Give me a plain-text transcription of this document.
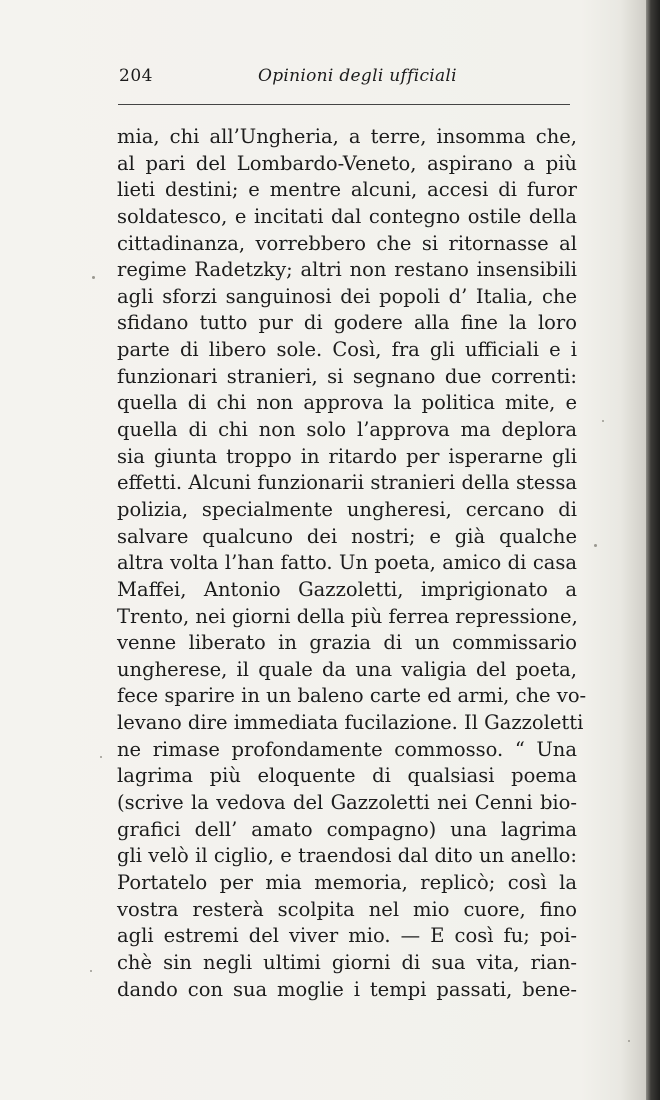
204	Opinioni degli ufficiali
mia, chi all’Ungheria, a terre, insomma che,
al pari del Lombardo-Veneto, aspirano a più
lieti destini; e mentre alcuni, accesi di furor
soldatesco, e incitati dal contegno ostile della
cittadinanza, vorrebbero che si ritornasse al
regime Radetzky; altri non restano insensibili
agli sforzi sanguinosi dei popoli d’ Italia, che
sfidano tutto pur di godere alla fine la loro
parte di libero sole. Così, fra gli ufficiali e i
funzionari stranieri, si segnano due correnti:
quella di chi non approva la politica mite, e
quella di chi non solo l’approva ma deplora
sia giunta troppo in ritardo per isperarne gli
effetti. Alcuni funzionarii stranieri della stessa
polizia, specialmente ungheresi, cercano di
salvare qualcuno dei nostri; e già qualche
altra volta l’han fatto. Un poeta, amico di casa
Maffei, Antonio Gazzoletti, imprigionato a
Trento, nei giorni della più ferrea repressione,
venne liberato in grazia di un commissario
ungherese, il quale da una valigia del poeta,
fece sparire in un baleno carte ed armi, che vo-
levano dire immediata fucilazione. Il Gazzoletti
ne rimase profondamente commosso. “ Una
lagrima più eloquente di qualsiasi poema
(scrive la vedova del Gazzoletti nei Cenni bio-
grafici dell’ amato compagno) una lagrima
gli velò il ciglio, e traendosi dal dito un anello:
Portatelo per mia memoria, replicò; così la
vostra resterà scolpita nel mio cuore, fino
agli estremi del viver mio. — E così fu; poi-
chè sin negli ultimi giorni di sua vita, rian-
dando con sua moglie i tempi passati, bene-
